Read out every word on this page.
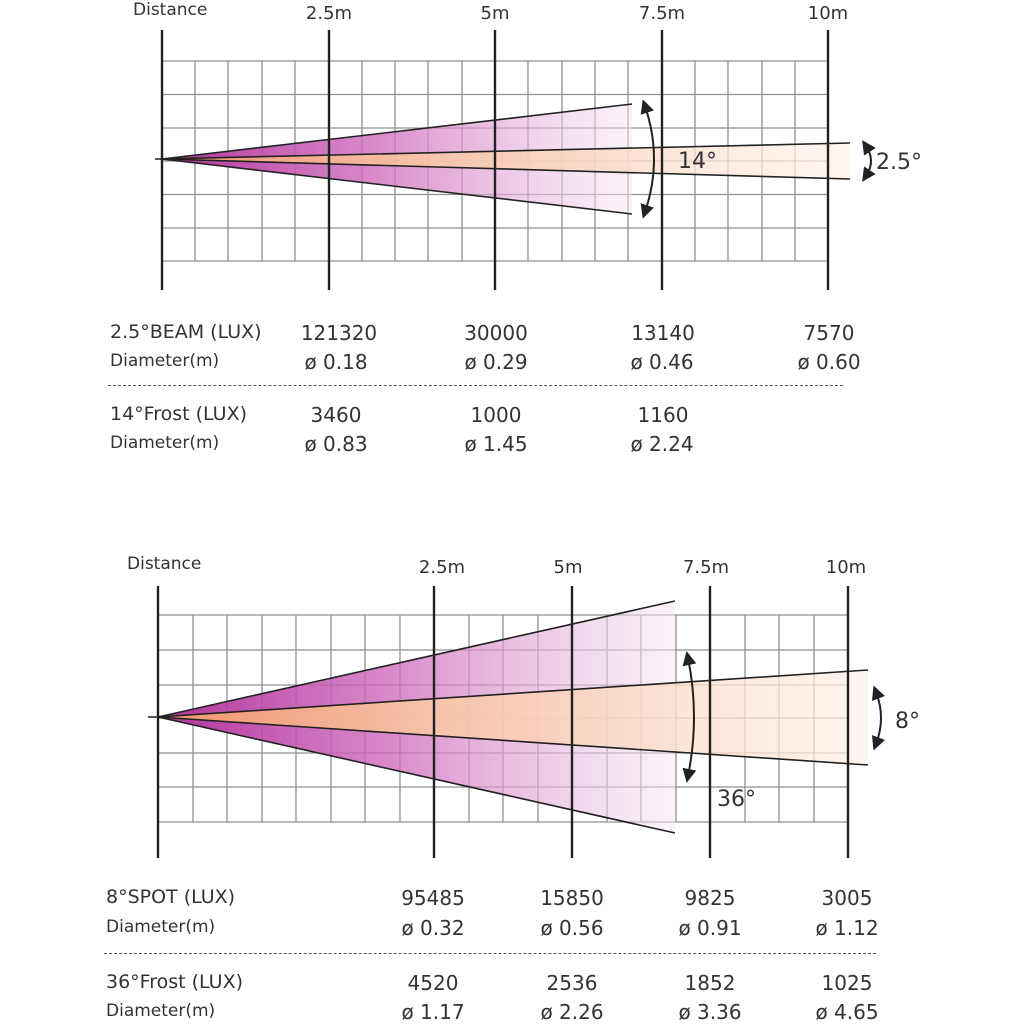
Distance	2.5m	5m	7.5m	10m
14°	2.5°
Distance	2.5m	5m	7.5m	10m
36°
8°
2.5°BEAM (LUX)	121320	30000	13140	7570
Diameter(m)	ø 0.18	ø 0.29	ø 0.46	ø 0.60
14°Frost (LUX)	3460	1000	1160
Diameter(m)	ø 0.83	ø 1.45	ø 2.24
8°SPOT (LUX)	95485	15850	9825	3005
Diameter(m)	ø 0.32	ø 0.56	ø 0.91	ø 1.12
36°Frost (LUX)	4520	2536	1852	1025
Diameter(m)	ø 1.17	ø 2.26	ø 3.36	ø 4.65
